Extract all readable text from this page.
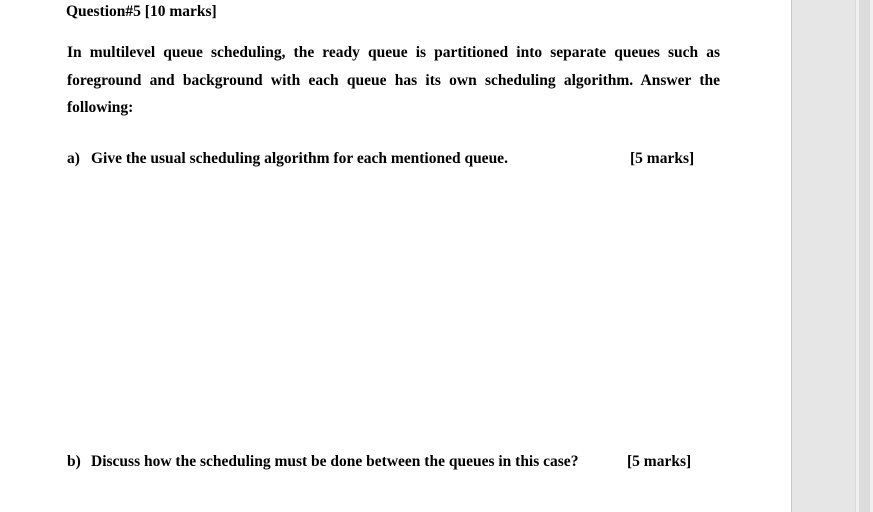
Question#5 [10 marks]
In multilevel queue scheduling, the ready queue is partitioned into separate queues such as foreground and background with each queue has its own scheduling algorithm. Answer the following:
a) Give the usual scheduling algorithm for each mentioned queue.	[5 marks]
b) Discuss how the scheduling must be done between the queues in this case?	[5 marks]
